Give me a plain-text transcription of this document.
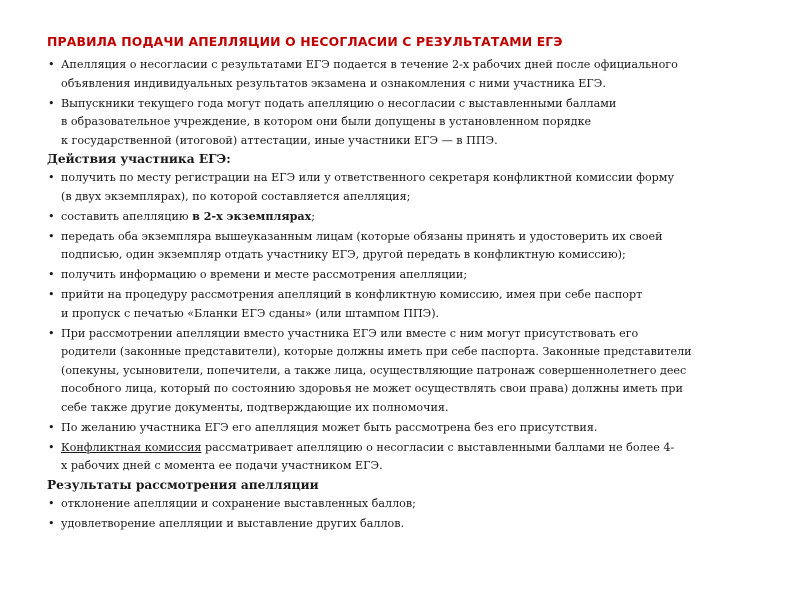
ПРАВИЛА ПОДАЧИ АПЕЛЛЯЦИИ О НЕСОГЛАСИИ С РЕЗУЛЬТАТАМИ ЕГЭ
• Апелляция о несогласии с результатами ЕГЭ подается в течение 2-х рабочих дней после официального
объявления индивидуальных результатов экзамена и ознакомления с ними участника ЕГЭ.
• Выпускники текущего года могут подать апелляцию о несогласии с выставленными баллами
в образовательное учреждение, в котором они были допущены в установленном порядке
к государственной (итоговой) аттестации, иные участники ЕГЭ — в ППЭ.
Действия участника ЕГЭ:
• получить по месту регистрации на ЕГЭ или у ответственного секретаря конфликтной комиссии форму
(в двух экземплярах), по которой составляется апелляция;
• составить апелляцию в 2-х экземплярах;
• передать оба экземпляра вышеуказанным лицам (которые обязаны принять и удостоверить их своей
подписью, один экземпляр отдать участнику ЕГЭ, другой передать в конфликтную комиссию);
• получить информацию о времени и месте рассмотрения апелляции;
• прийти на процедуру рассмотрения апелляций в конфликтную комиссию, имея при себе паспорт
и пропуск с печатью «Бланки ЕГЭ сданы» (или штампом ППЭ).
• При рассмотрении апелляции вместо участника ЕГЭ или вместе с ним могут присутствовать его
родители (законные представители), которые должны иметь при себе паспорта. Законные представители
(опекуны, усыновители, попечители, а также лица, осуществляющие патронаж совершеннолетнего деес
пособного лица, который по состоянию здоровья не может осуществлять свои права) должны иметь при
себе также другие документы, подтверждающие их полномочия.
• По желанию участника ЕГЭ его апелляция может быть рассмотрена без его присутствия.
• Конфликтная комиссия рассматривает апелляцию о несогласии с выставленными баллами не более 4-
х рабочих дней с момента ее подачи участником ЕГЭ.
Результаты рассмотрения апелляции
• отклонение апелляции и сохранение выставленных баллов;
• удовлетворение апелляции и выставление других баллов.
